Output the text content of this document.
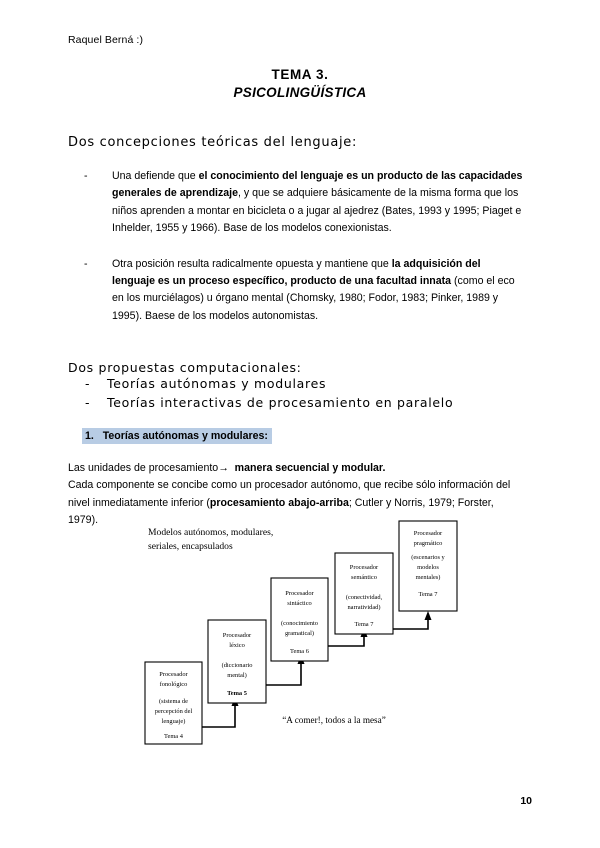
Raquel Berná :)
TEMA 3.
PSICOLINGÜÍSTICA
Dos concepciones teóricas del lenguaje:
- Una defiende que el conocimiento del lenguaje es un producto de las capacidades generales de aprendizaje, y que se adquiere básicamente de la misma forma que los niños aprenden a montar en bicicleta o a jugar al ajedrez (Bates, 1993 y 1995; Piaget e Inhelder, 1955 y 1966). Base de los modelos conexionistas.
- Otra posición resulta radicalmente opuesta y mantiene que la adquisición del lenguaje es un proceso específico, producto de una facultad innata (como el eco en los murciélagos) u órgano mental (Chomsky, 1980; Fodor, 1983; Pinker, 1989 y 1995). Baese de los modelos autonomistas.
Dos propuestas computacionales:
- Teorías autónomas y modulares
- Teorías interactivas de procesamiento en paralelo
1. Teorías autónomas y modulares:
Las unidades de procesamiento→ manera secuencial y modular.
Cada componente se concibe como un procesador autónomo, que recibe sólo información del nivel inmediatamente inferior (procesamiento abajo-arriba; Cutler y Norris, 1979; Forster, 1979).
Modelos autónomos, modulares,
seriales, encapsulados
Procesador
fonológico
(sistema de
percepción del
lenguaje)
Tema 4
Procesador
léxico
(diccionario
mental)
Tema 5
Procesador
sintáctico
(conocimiento
gramatical)
Tema 6
Procesador
semántico
(conectividad,
narratividad)
Tema 7
Procesador
pragmático
(escenarios y
modelos
mentales)
Tema 7
“A comer!, todos a la mesa”
10
